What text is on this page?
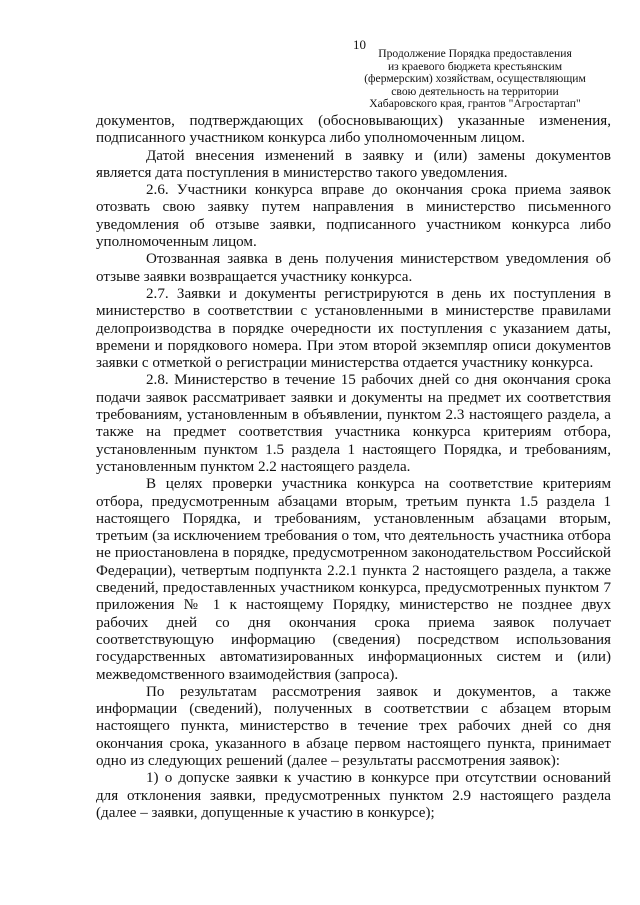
10
Продолжение Порядка предоставления
из краевого бюджета крестьянским
(фермерским) хозяйствам, осуществляющим
свою деятельность на территории
Хабаровского края, грантов "Агростартап"

документов, подтверждающих (обосновывающих) указанные изменения, подписанного участником конкурса либо уполномоченным лицом.

Датой внесения изменений в заявку и (или) замены документов является дата поступления в министерство такого уведомления.

2.6. Участники конкурса вправе до окончания срока приема заявок отозвать свою заявку путем направления в министерство письменного уведомления об отзыве заявки, подписанного участником конкурса либо уполномоченным лицом.

Отозванная заявка в день получения министерством уведомления об отзыве заявки возвращается участнику конкурса.

2.7. Заявки и документы регистрируются в день их поступления в министерство в соответствии с установленными в министерстве правилами делопроизводства в порядке очередности их поступления с указанием даты, времени и порядкового номера. При этом второй экземпляр описи документов заявки с отметкой о регистрации министерства отдается участнику конкурса.

2.8. Министерство в течение 15 рабочих дней со дня окончания срока подачи заявок рассматривает заявки и документы на предмет их соответствия требованиям, установленным в объявлении, пунктом 2.3 настоящего раздела, а также на предмет соответствия участника конкурса критериям отбора, установленным пунктом 1.5 раздела 1 настоящего Порядка, и требованиям, установленным пунктом 2.2 настоящего раздела.

В целях проверки участника конкурса на соответствие критериям отбора, предусмотренным абзацами вторым, третьим пункта 1.5 раздела 1 настоящего Порядка, и требованиям, установленным абзацами вторым, третьим (за исключением требования о том, что деятельность участника отбора не приостановлена в порядке, предусмотренном законодательством Российской Федерации), четвертым подпункта 2.2.1 пункта 2 настоящего раздела, а также сведений, предоставленных участником конкурса, предусмотренных пунктом 7 приложения № 1 к настоящему Порядку, министерство не позднее двух рабочих дней со дня окончания срока приема заявок получает соответствующую информацию (сведения) посредством использования государственных автоматизированных информационных систем и (или) межведомственного взаимодействия (запроса).

По результатам рассмотрения заявок и документов, а также информации (сведений), полученных в соответствии с абзацем вторым настоящего пункта, министерство в течение трех рабочих дней со дня окончания срока, указанного в абзаце первом настоящего пункта, принимает одно из следующих решений (далее – результаты рассмотрения заявок):

1) о допуске заявки к участию в конкурсе при отсутствии оснований для отклонения заявки, предусмотренных пунктом 2.9 настоящего раздела (далее – заявки, допущенные к участию в конкурсе);
